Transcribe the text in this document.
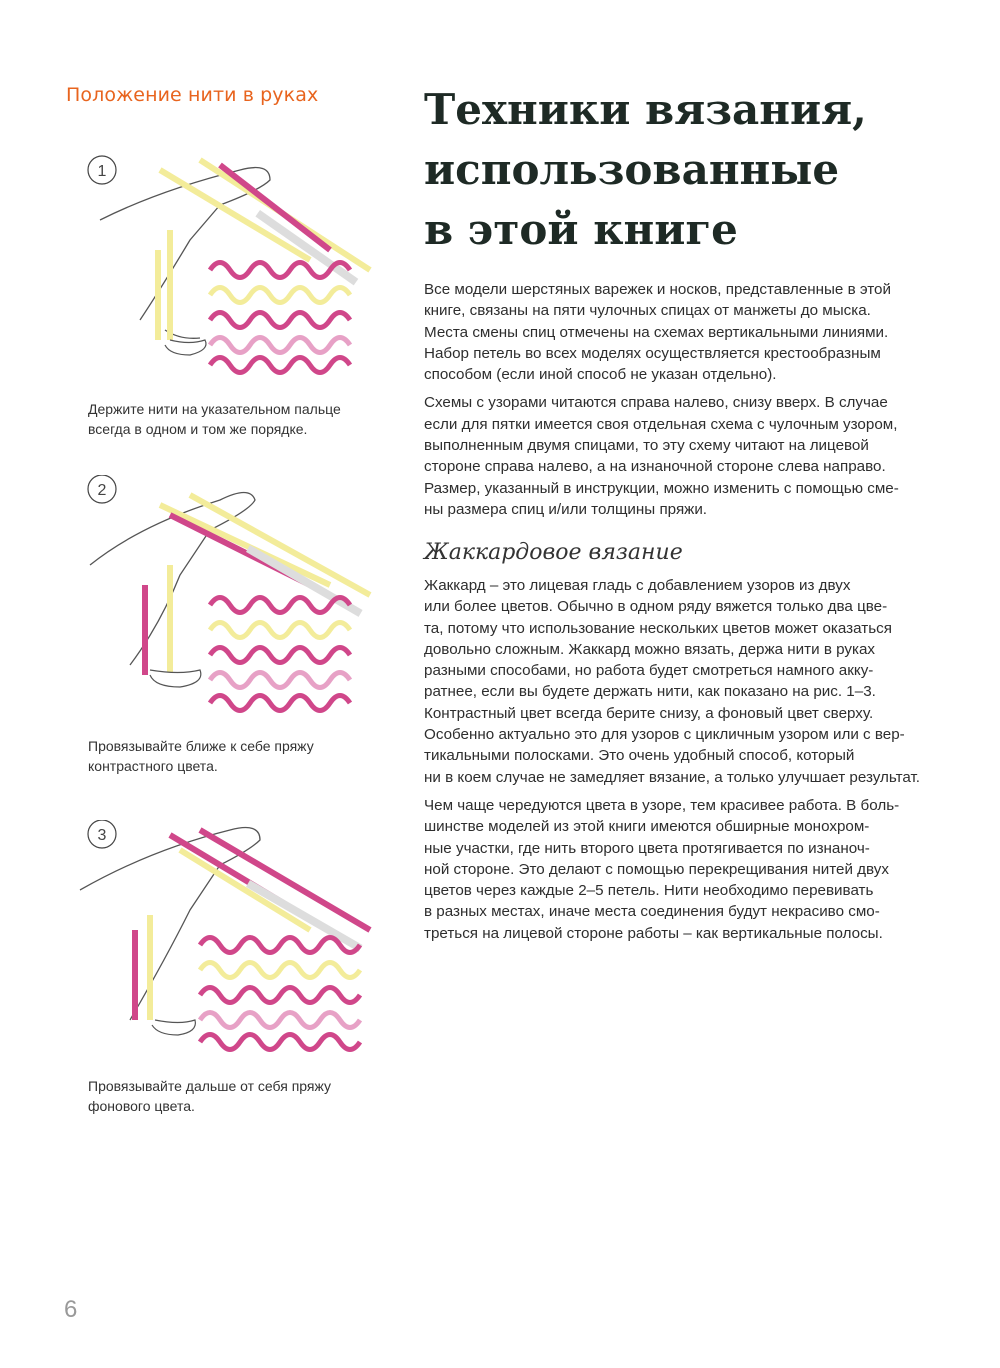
Положение нити в руках
1
Держите нити на указательном пальце
всегда в одном и том же порядке.
2
Провязывайте ближе к себе пряжу
контрастного цвета.
3
Провязывайте дальше от себя пряжу
фонового цвета.
Техники вязания,
использованные
в этой книге

Все модели шерстяных варежек и носков, представленные в этой
книге, связаны на пяти чулочных спицах от манжеты до мыска.
Места смены спиц отмечены на схемах вертикальными линиями.
Набор петель во всех моделях осуществляется крестообразным
способом (если иной способ не указан отдельно).

Схемы с узорами читаются справа налево, снизу вверх. В случае
если для пятки имеется своя отдельная схема с чулочным узором,
выполненным двумя спицами, то эту схему читают на лицевой
стороне справа налево, а на изнаночной стороне слева направо.
Размер, указанный в инструкции, можно изменить с помощью сме-
ны размера спиц и/или толщины пряжи.

Жаккардовое вязание

Жаккард – это лицевая гладь с добавлением узоров из двух
или более цветов. Обычно в одном ряду вяжется только два цве-
та, потому что использование нескольких цветов может оказаться
довольно сложным. Жаккард можно вязать, держа нити в руках
разными способами, но работа будет смотреться намного акку-
ратнее, если вы будете держать нити, как показано на рис. 1–3.
Контрастный цвет всегда берите снизу, а фоновый цвет сверху.
Особенно актуально это для узоров с цикличным узором или с вер-
тикальными полосками. Это очень удобный способ, который
ни в коем случае не замедляет вязание, а только улучшает результат.

Чем чаще чередуются цвета в узоре, тем красивее работа. В боль-
шинстве моделей из этой книги имеются обширные монохром-
ные участки, где нить второго цвета протягивается по изнаноч-
ной стороне. Это делают с помощью перекрещивания нитей двух
цветов через каждые 2–5 петель. Нити необходимо перевивать
в разных местах, иначе места соединения будут некрасиво смо-
треться на лицевой стороне работы – как вертикальные полосы.

6
